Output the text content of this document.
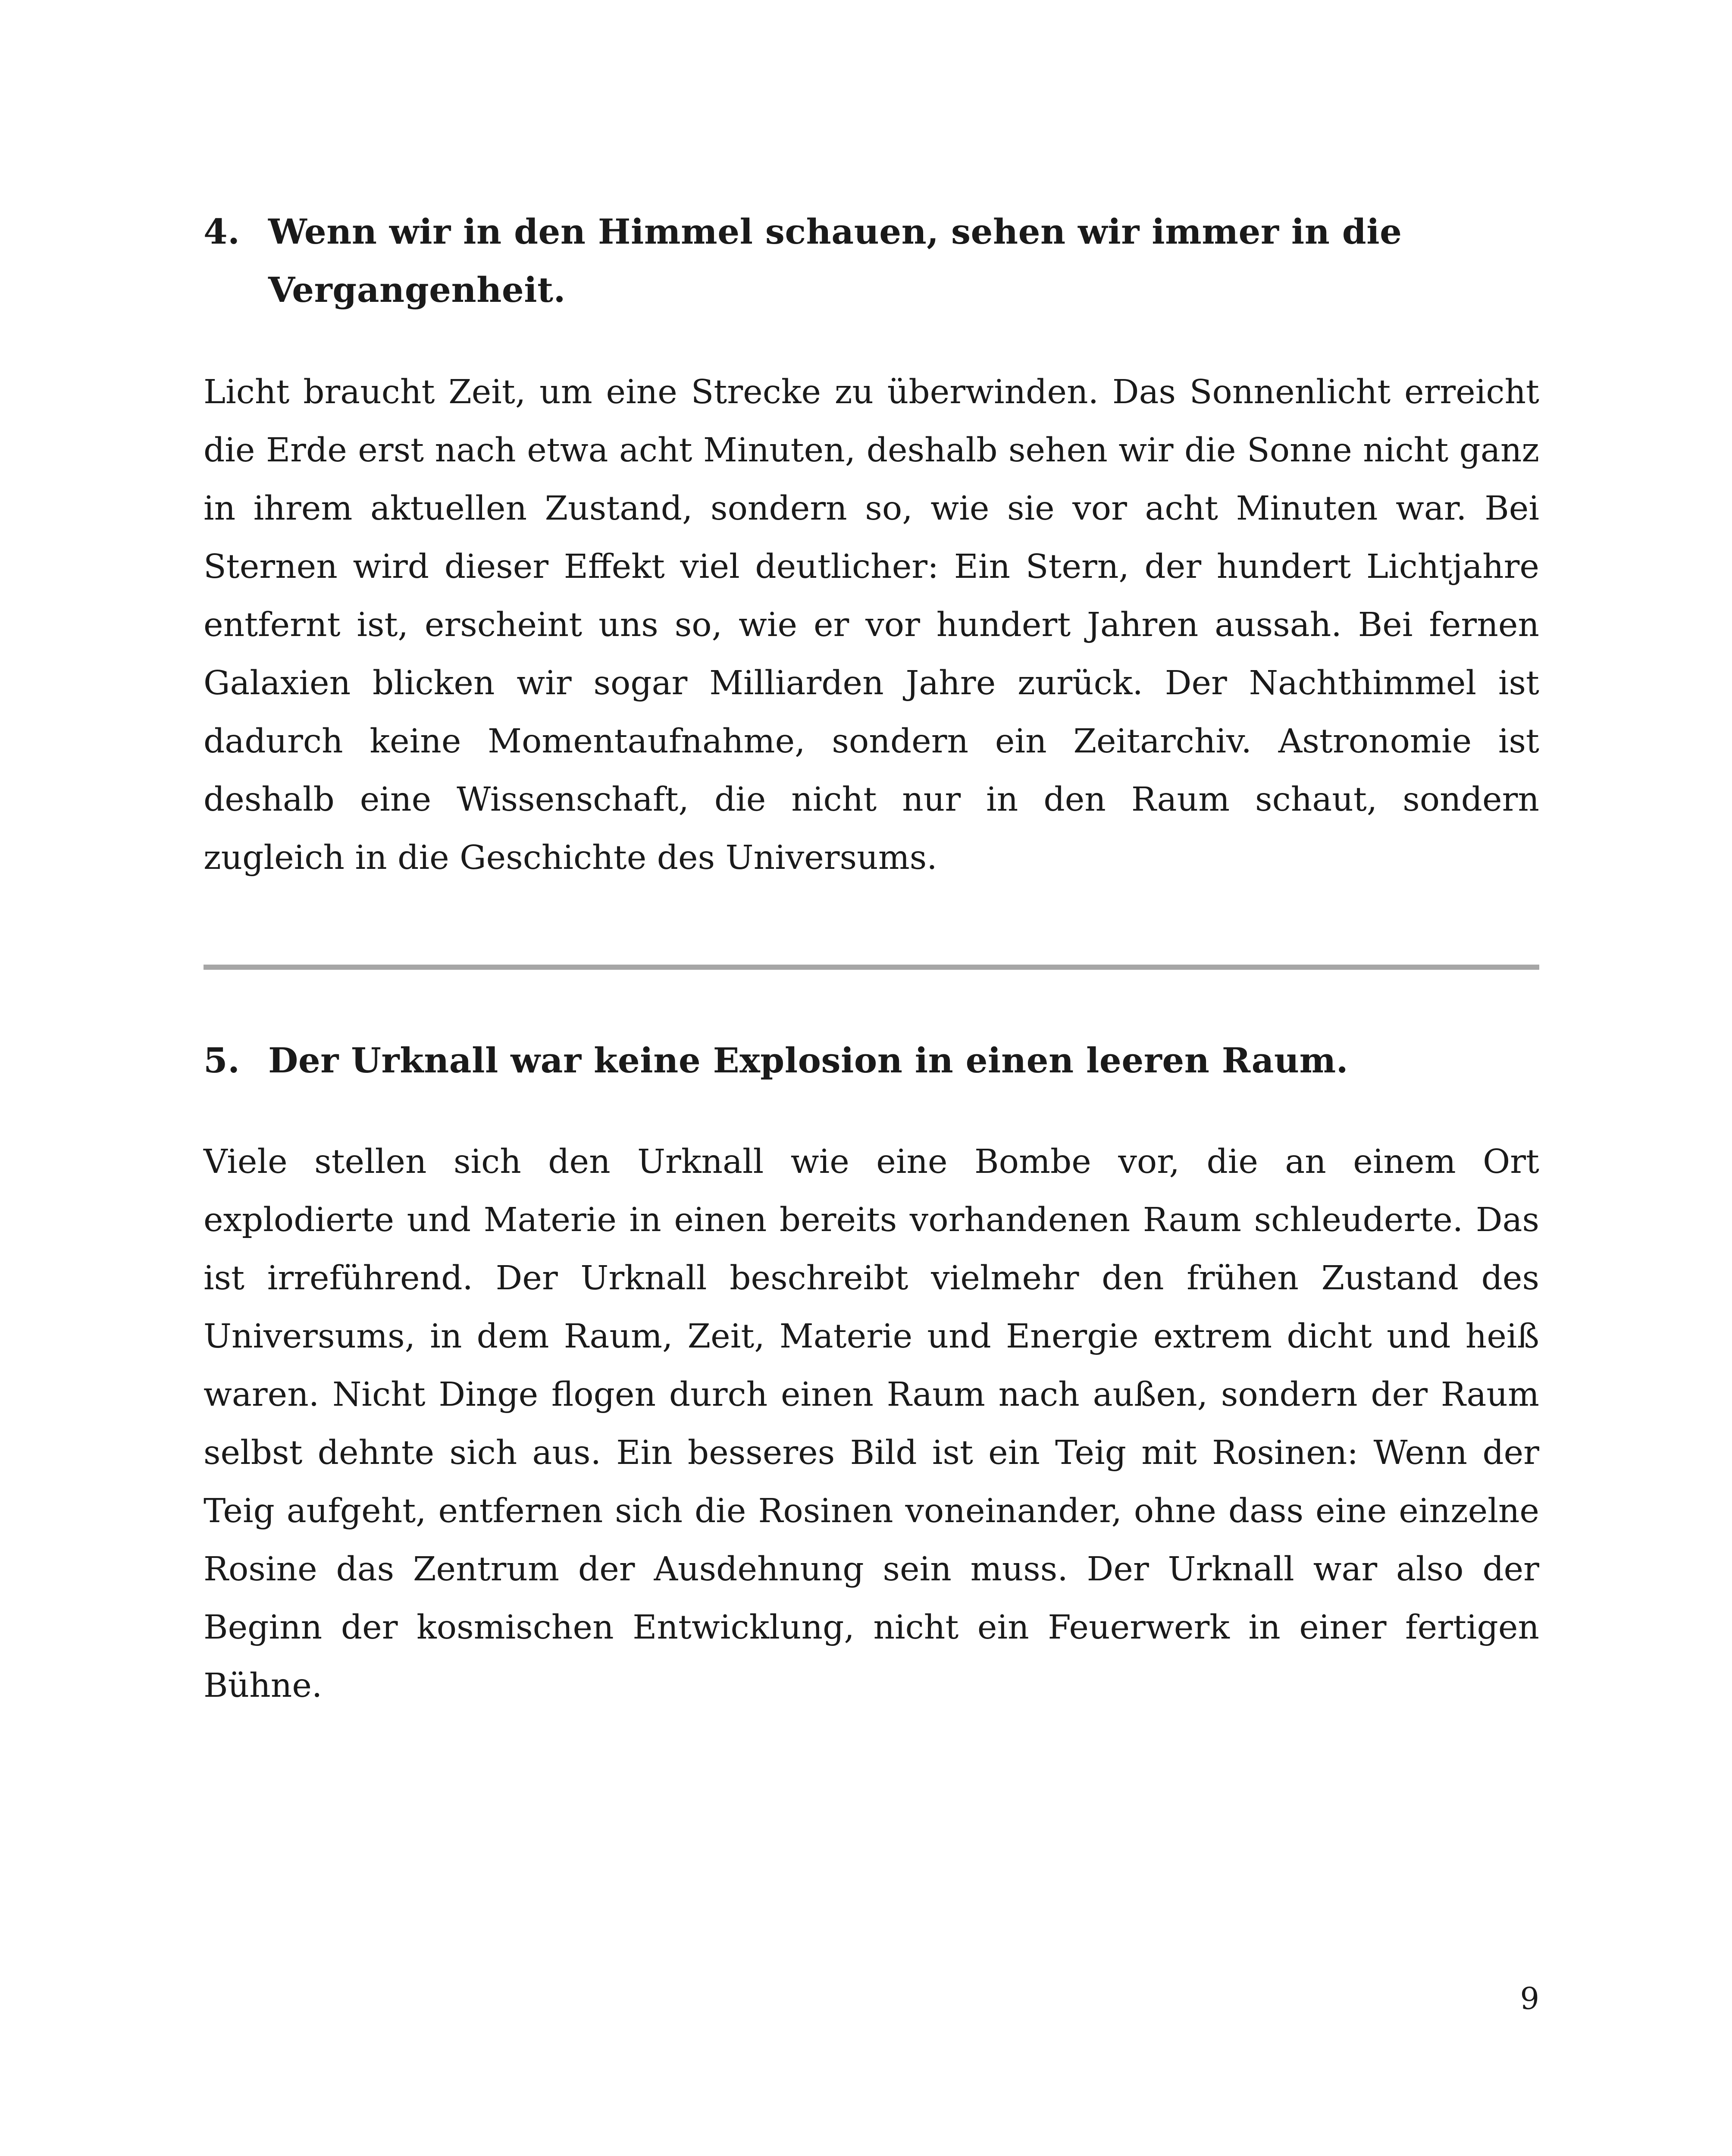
4. Wenn wir in den Himmel schauen, sehen wir immer in die Vergangenheit.
Licht braucht Zeit, um eine Strecke zu überwinden. Das Sonnenlicht erreicht die Erde erst nach etwa acht Minuten, deshalb sehen wir die Sonne nicht ganz in ihrem aktuellen Zustand, sondern so, wie sie vor acht Minuten war. Bei Sternen wird dieser Effekt viel deutlicher: Ein Stern, der hundert Lichtjahre entfernt ist, erscheint uns so, wie er vor hundert Jahren aussah. Bei fernen Galaxien blicken wir sogar Milliarden Jahre zurück. Der Nachthimmel ist dadurch keine Momentaufnahme, sondern ein Zeitarchiv. Astronomie ist deshalb eine Wissenschaft, die nicht nur in den Raum schaut, sondern zugleich in die Geschichte des Universums.
5. Der Urknall war keine Explosion in einen leeren Raum.
Viele stellen sich den Urknall wie eine Bombe vor, die an einem Ort explodierte und Materie in einen bereits vorhandenen Raum schleuderte. Das ist irreführend. Der Urknall beschreibt vielmehr den frühen Zustand des Universums, in dem Raum, Zeit, Materie und Energie extrem dicht und heiß waren. Nicht Dinge flogen durch einen Raum nach außen, sondern der Raum selbst dehnte sich aus. Ein besseres Bild ist ein Teig mit Rosinen: Wenn der Teig aufgeht, entfernen sich die Rosinen voneinander, ohne dass eine einzelne Rosine das Zentrum der Ausdehnung sein muss. Der Urknall war also der Beginn der kosmischen Entwicklung, nicht ein Feuerwerk in einer fertigen Bühne.
9
